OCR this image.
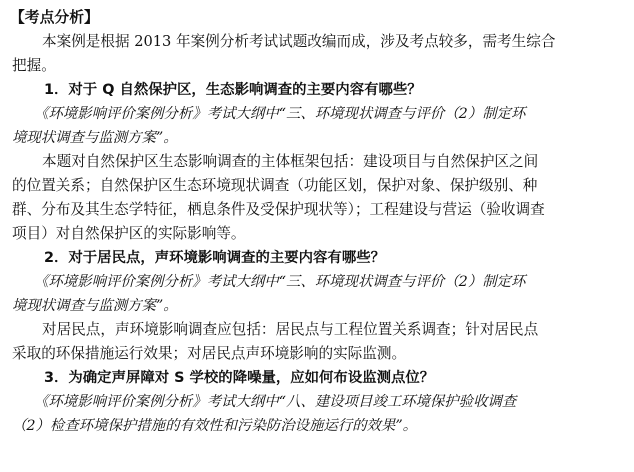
【考点分析】
本案例是根据 2013 年案例分析考试试题改编而成，涉及考点较多，需考生综合
把握。
1．对于 Q 自然保护区，生态影响调查的主要内容有哪些？
《环境影响评价案例分析》考试大纲中“三、环境现状调查与评价（2）制定环
境现状调查与监测方案”。
本题对自然保护区生态影响调查的主体框架包括：建设项目与自然保护区之间
的位置关系；自然保护区生态环境现状调查（功能区划，保护对象、保护级别、种
群、分布及其生态学特征，栖息条件及受保护现状等）；工程建设与营运（验收调查
项目）对自然保护区的实际影响等。
2．对于居民点，声环境影响调查的主要内容有哪些？
《环境影响评价案例分析》考试大纲中“三、环境现状调查与评价（2）制定环
境现状调查与监测方案”。
对居民点，声环境影响调查应包括：居民点与工程位置关系调查；针对居民点
采取的环保措施运行效果；对居民点声环境影响的实际监测。
3．为确定声屏障对 S 学校的降噪量，应如何布设监测点位？
《环境影响评价案例分析》考试大纲中“八、建设项目竣工环境保护验收调查
（2）检查环境保护措施的有效性和污染防治设施运行的效果”。
